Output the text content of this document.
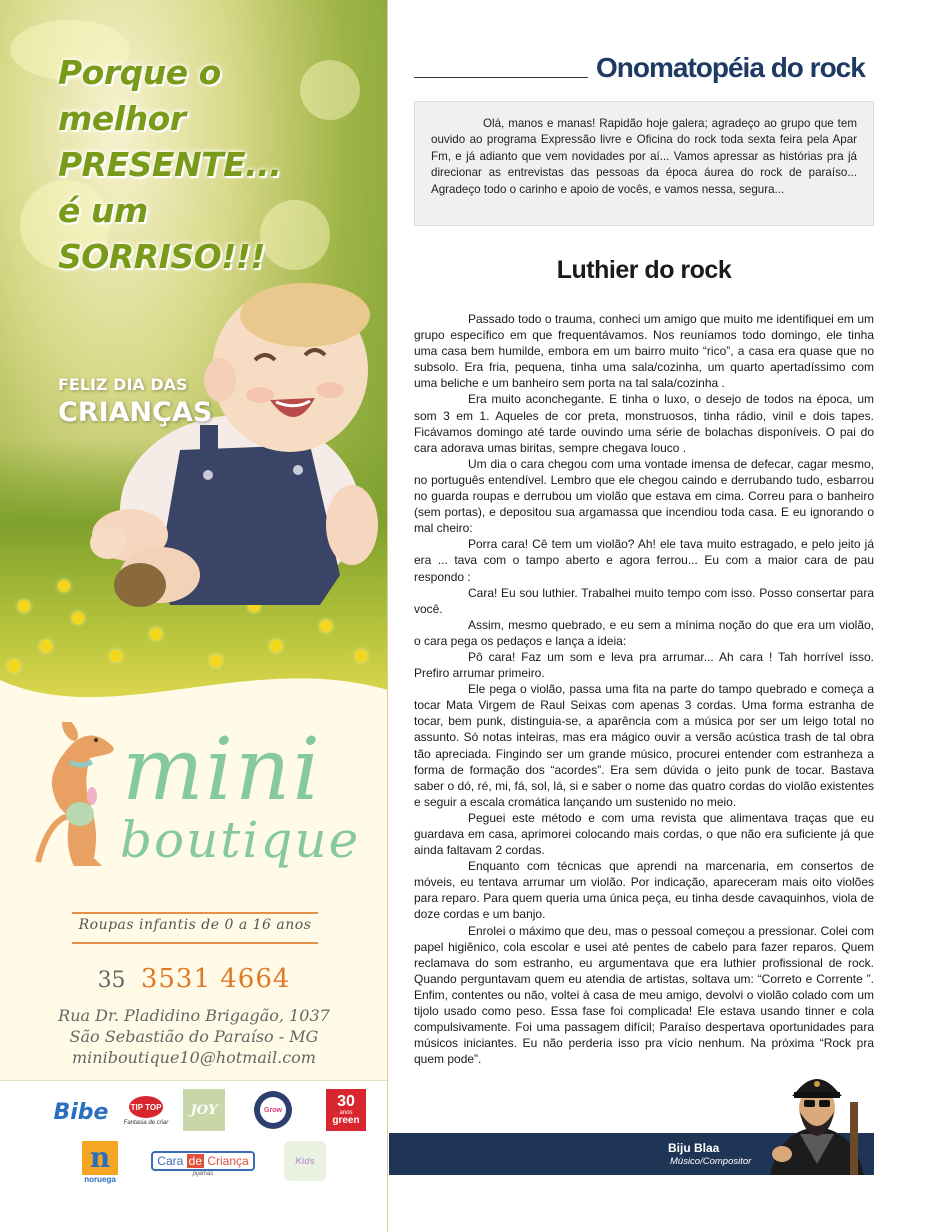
Porque o melhor
PRESENTE...
é um SORRISO!!!
FELIZ DIA DAS
CRIANÇAS
mini
boutique
Roupas infantis de 0 a 16 anos
35 3531 4664
Rua Dr. Pladidino Brigagão, 1037
São Sebastião do Paraíso - MG
miniboutique10@hotmail.com
Bibe	TIP TOP
Fantasia de criar
JOY	Grow	30
anos
green
n
noruega
Cara de Criança
pijamas
Kids
Onomatopéia do rock

Olá, manos e manas! Rapidão hoje galera; agradeço ao grupo que tem ouvido ao programa Expressão livre e Oficina do rock toda sexta feira pela Apar Fm, e já adianto que vem novidades por aí... Vamos apressar as histórias pra já direcionar as entrevistas das pessoas da época áurea do rock de paraíso... Agradeço todo o carinho e apoio de vocês, e vamos nessa, segura...

Luthier do rock

Passado todo o trauma, conheci um amigo que muito me identifiquei em um grupo específico em que frequentávamos. Nos reuníamos todo domingo, ele tinha uma casa bem humilde, embora em um bairro muito “rico”, a casa era quase que no subsolo. Era fria, pequena, tinha uma sala/cozinha, um quarto apertadíssimo com uma beliche e um banheiro sem porta na tal sala/cozinha .

Era muito aconchegante. E tinha o luxo, o desejo de todos na época, um som 3 em 1. Aqueles de cor preta, monstruosos, tinha rádio, vinil e dois tapes. Ficávamos domingo até tarde ouvindo uma série de bolachas disponíveis. O pai do cara adorava umas biritas, sempre chegava louco .

Um dia o cara chegou com uma vontade imensa de defecar, cagar mesmo, no português entendível. Lembro que ele chegou caindo e derrubando tudo, esbarrou no guarda roupas e derrubou um violão que estava em cima. Correu para o banheiro (sem portas), e depositou sua argamassa que incendiou toda casa. E eu ignorando o mal cheiro:

Porra cara! Cê tem um violão? Ah! ele tava muito estragado, e pelo jeito já era ... tava com o tampo aberto e agora ferrou... Eu com a maior cara de pau respondo :

Cara! Eu sou luthier. Trabalhei muito tempo com isso. Posso consertar para você.

Assim, mesmo quebrado, e eu sem a mínima noção do que era um violão, o cara pega os pedaços e lança a ideia:

Pô cara! Faz um som e leva pra arrumar... Ah cara ! Tah horrível isso. Prefiro arrumar primeiro.

Ele pega o violão, passa uma fita na parte do tampo quebrado e começa a tocar Mata Virgem de Raul Seixas com apenas 3 cordas. Uma forma estranha de tocar, bem punk, distinguia-se, a aparência com a música por ser um leigo total no assunto. Só notas inteiras, mas era mágico ouvir a versão acústica trash de tal obra tão apreciada. Fingindo ser um grande músico, procurei entender com estranheza a forma de formação dos “acordes”. Era sem dúvida o jeito punk de tocar. Bastava saber o dó, ré, mi, fá, sol, lá, si e saber o nome das quatro cordas do violão existentes e seguir a escala cromática lançando um sustenido no meio.

Peguei este método e com uma revista que alimentava traças que eu guardava em casa, aprimorei colocando mais cordas, o que não era suficiente já que ainda faltavam 2 cordas.

Enquanto com técnicas que aprendi na marcenaria, em consertos de móveis, eu tentava arrumar um violão. Por indicação, apareceram mais oito violões para reparo. Para quem queria uma única peça, eu tinha desde cavaquinhos, viola de doze cordas e um banjo.

Enrolei o máximo que deu, mas o pessoal começou a pressionar. Colei com papel higiênico, cola escolar e usei até pentes de cabelo para fazer reparos. Quem reclamava do som estranho, eu argumentava que era luthier profissional de rock. Quando perguntavam quem eu atendia de artistas, soltava um: “Correto e Corrente ”. Enfim, contentes ou não, voltei à casa de meu amigo, devolvi o violão colado com um tijolo usado como peso. Essa fase foi complicada! Ele estava usando tinner e cola compulsivamente. Foi uma passagem difícil; Paraíso despertava oportunidades para músicos iniciantes. Eu não perderia isso pra vício nenhum. Na próxima “Rock pra quem pode”.

Biju Blaa
Músico/Compositor
